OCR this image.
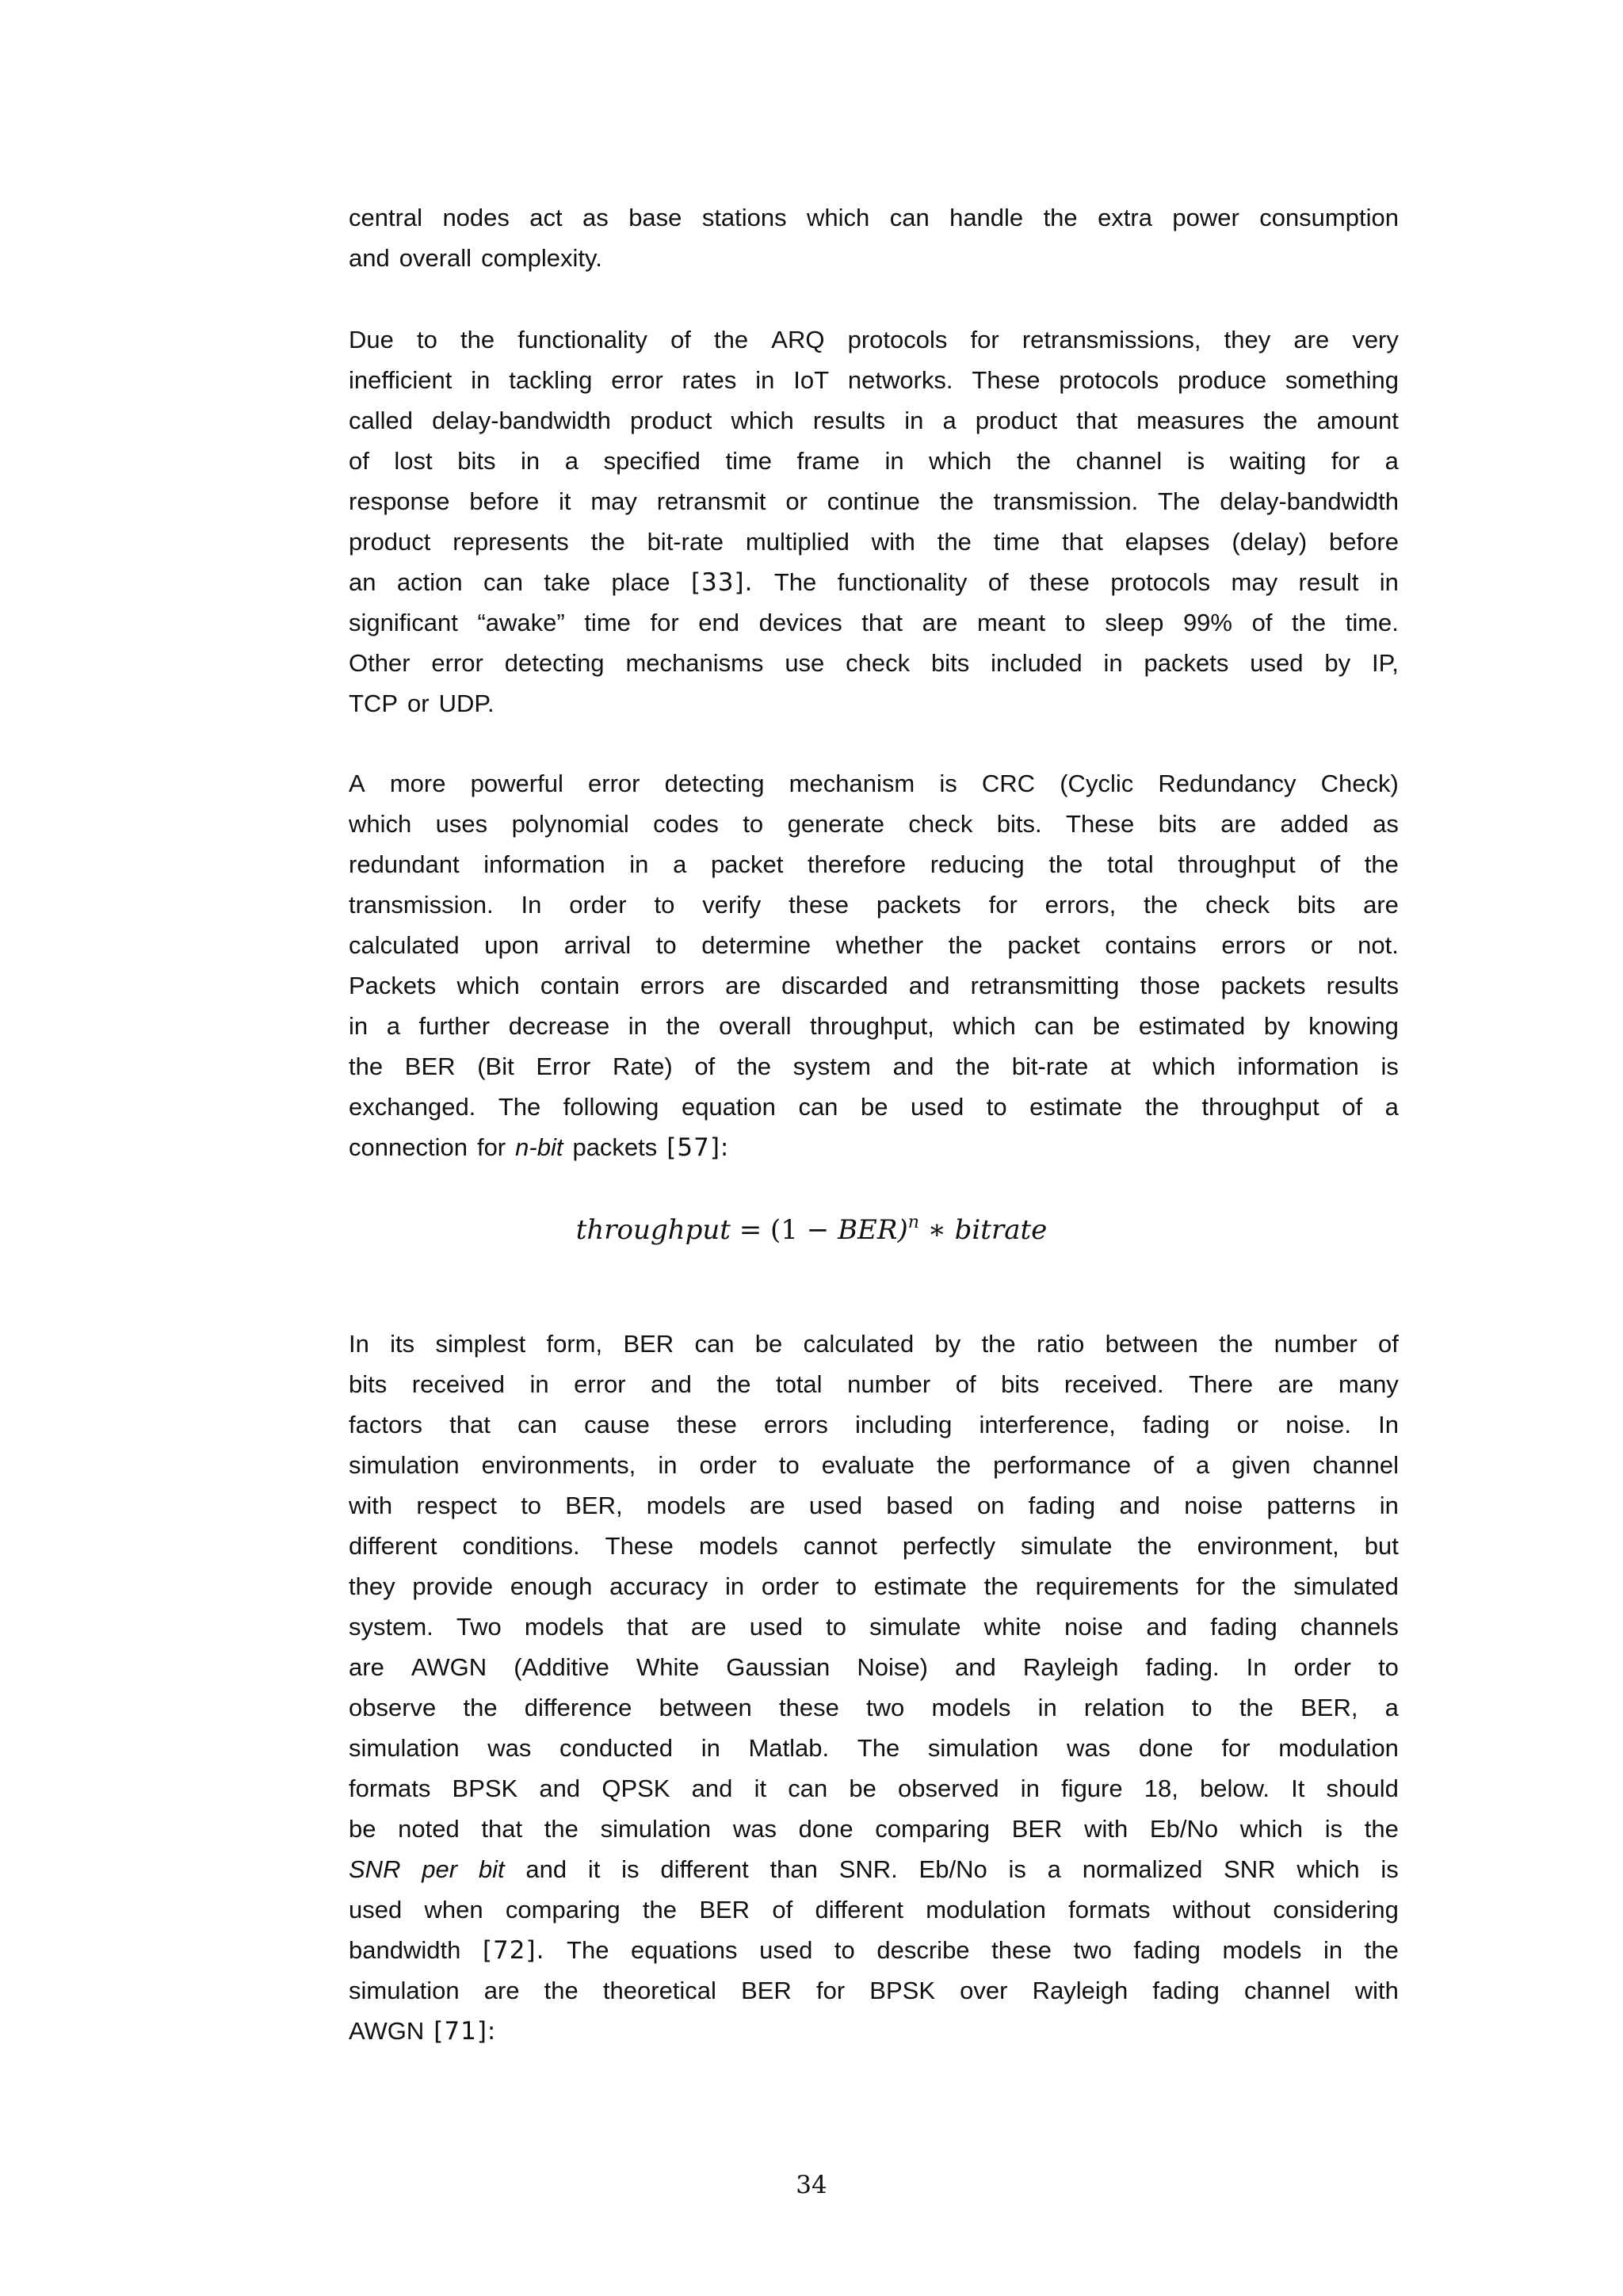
central nodes act as base stations which can handle the extra power consumption
and overall complexity.
Due to the functionality of the ARQ protocols for retransmissions, they are very
inefficient in tackling error rates in IoT networks. These protocols produce something
called delay-bandwidth product which results in a product that measures the amount
of lost bits in a specified time frame in which the channel is waiting for a
response before it may retransmit or continue the transmission. The delay-bandwidth
product represents the bit-rate multiplied with the time that elapses (delay) before
an action can take place [33]. The functionality of these protocols may result in
significant “awake” time for end devices that are meant to sleep 99% of the time.
Other error detecting mechanisms use check bits included in packets used by IP,
TCP or UDP.
A more powerful error detecting mechanism is CRC (Cyclic Redundancy Check)
which uses polynomial codes to generate check bits. These bits are added as
redundant information in a packet therefore reducing the total throughput of the
transmission. In order to verify these packets for errors, the check bits are
calculated upon arrival to determine whether the packet contains errors or not.
Packets which contain errors are discarded and retransmitting those packets results
in a further decrease in the overall throughput, which can be estimated by knowing
the BER (Bit Error Rate) of the system and the bit-rate at which information is
exchanged. The following equation can be used to estimate the throughput of a
connection for n-bit packets [57]:
throughput = (1 − BER)$^n$ ∗ bitrate
In its simplest form, BER can be calculated by the ratio between the number of
bits received in error and the total number of bits received. There are many
factors that can cause these errors including interference, fading or noise. In
simulation environments, in order to evaluate the performance of a given channel
with respect to BER, models are used based on fading and noise patterns in
different conditions. These models cannot perfectly simulate the environment, but
they provide enough accuracy in order to estimate the requirements for the simulated
system. Two models that are used to simulate white noise and fading channels
are AWGN (Additive White Gaussian Noise) and Rayleigh fading. In order to
observe the difference between these two models in relation to the BER, a
simulation was conducted in Matlab. The simulation was done for modulation
formats BPSK and QPSK and it can be observed in figure 18, below. It should
be noted that the simulation was done comparing BER with Eb/No which is the
SNR per bit and it is different than SNR. Eb/No is a normalized SNR which is
used when comparing the BER of different modulation formats without considering
bandwidth [72]. The equations used to describe these two fading models in the
simulation are the theoretical BER for BPSK over Rayleigh fading channel with
AWGN [71]:
34
